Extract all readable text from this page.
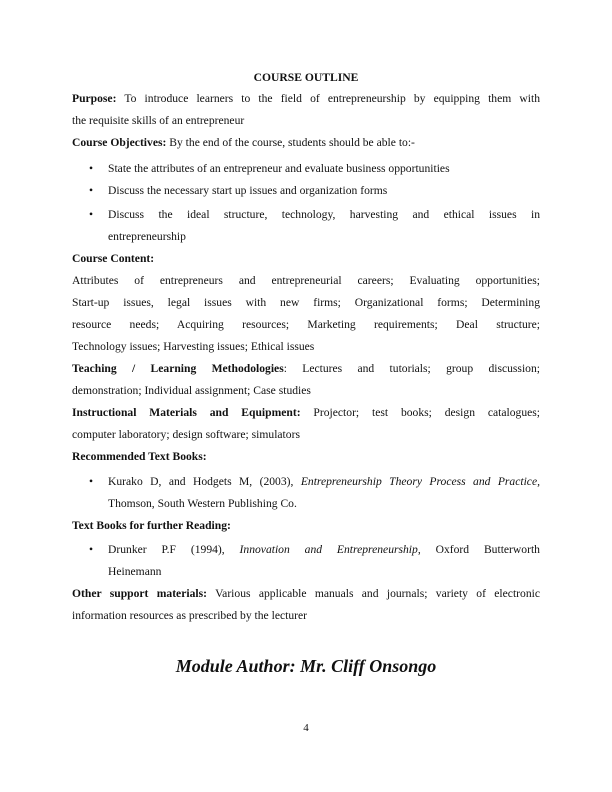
COURSE OUTLINE
Purpose: To introduce learners to the field of entrepreneurship by equipping them with
the requisite skills of an entrepreneur
Course Objectives: By the end of the course, students should be able to:-
• State the attributes of an entrepreneur and evaluate business opportunities
• Discuss the necessary start up issues and organization forms
• Discuss the ideal structure, technology, harvesting and ethical issues in
entrepreneurship
Course Content:
Attributes of entrepreneurs and entrepreneurial careers; Evaluating opportunities;
Start-up issues, legal issues with new firms; Organizational forms; Determining
resource needs; Acquiring resources; Marketing requirements; Deal structure;
Technology issues; Harvesting issues; Ethical issues
Teaching / Learning Methodologies: Lectures and tutorials; group discussion;
demonstration; Individual assignment; Case studies
Instructional Materials and Equipment: Projector; test books; design catalogues;
computer laboratory; design software; simulators
Recommended Text Books:
• Kurako D, and Hodgets M, (2003), Entrepreneurship Theory Process and Practice,
Thomson, South Western Publishing Co.
Text Books for further Reading:
• Drunker P.F (1994), Innovation and Entrepreneurship, Oxford Butterworth
Heinemann
Other support materials: Various applicable manuals and journals; variety of electronic
information resources as prescribed by the lecturer
Module Author: Mr. Cliff Onsongo
4
